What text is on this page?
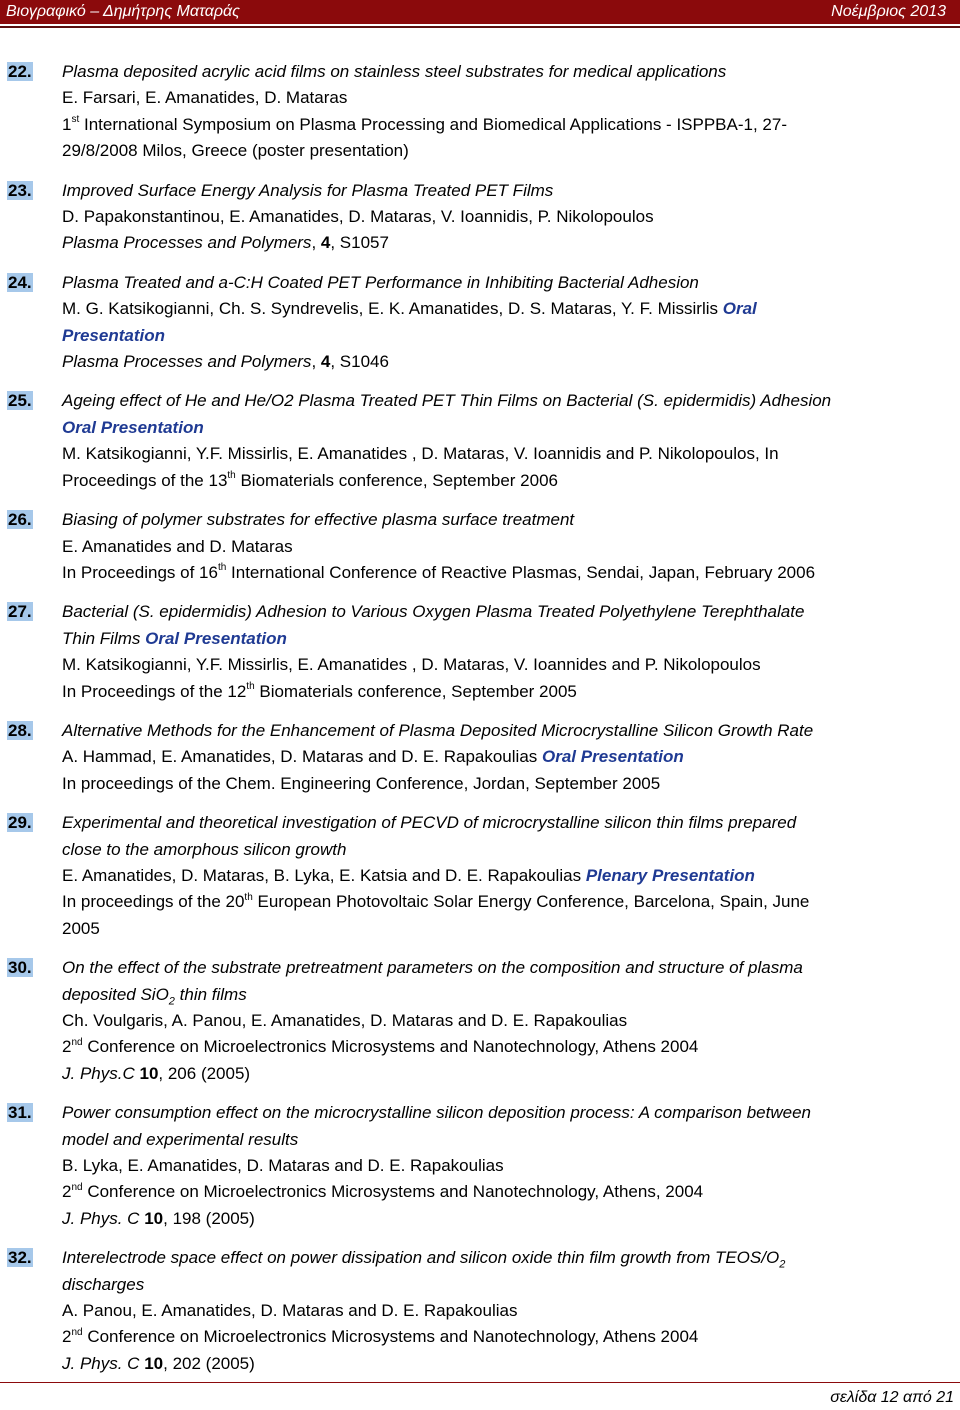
Βιογραφικό – Δημήτρης Ματαράς	Νοέμβριος 2013
22. Plasma deposited acrylic acid films on stainless steel substrates for medical applications
E. Farsari, E. Amanatides, D. Mataras
1st International Symposium on Plasma Processing and Biomedical Applications - ISPPBA-1, 27-
29/8/2008 Milos, Greece (poster presentation)
23. Improved Surface Energy Analysis for Plasma Treated PET Films
D. Papakonstantinou, E. Amanatides, D. Mataras, V. Ioannidis, P. Nikolopoulos
Plasma Processes and Polymers, 4, S1057
24. Plasma Treated and a-C:H Coated PET Performance in Inhibiting Bacterial Adhesion
M. G. Katsikogianni, Ch. S. Syndrevelis, E. K. Amanatides, D. S. Mataras, Y. F. Missirlis Oral
Presentation
Plasma Processes and Polymers, 4, S1046
25. Ageing effect of He and He/O2 Plasma Treated PET Thin Films on Bacterial (S. epidermidis) Adhesion
Oral Presentation
M. Katsikogianni, Y.F. Missirlis, E. Amanatides , D. Mataras, V. Ioannidis and P. Nikolopoulos, In
Proceedings of the 13th Biomaterials conference, September 2006
26. Biasing of polymer substrates for effective plasma surface treatment
E. Amanatides and D. Mataras
In Proceedings of 16th International Conference of Reactive Plasmas, Sendai, Japan, February 2006
27. Bacterial (S. epidermidis) Adhesion to Various Oxygen Plasma Treated Polyethylene Terephthalate
Thin Films Oral Presentation
M. Katsikogianni, Y.F. Missirlis, E. Amanatides , D. Mataras, V. Ioannides and P. Nikolopoulos
In Proceedings of the 12th Biomaterials conference, September 2005
28. Alternative Methods for the Enhancement of Plasma Deposited Microcrystalline Silicon Growth Rate
A. Hammad, E. Amanatides, D. Mataras and D. E. Rapakoulias Oral Presentation
In proceedings of the Chem. Engineering Conference, Jordan, September 2005
29. Experimental and theoretical investigation of PECVD of microcrystalline silicon thin films prepared
close to the amorphous silicon growth
E. Amanatides, D. Mataras, B. Lyka, E. Katsia and D. E. Rapakoulias Plenary Presentation
In proceedings of the 20th European Photovoltaic Solar Energy Conference, Barcelona, Spain, June
2005
30. On the effect of the substrate pretreatment parameters on the composition and structure of plasma
deposited SiO$_2$ thin films
Ch. Voulgaris, A. Panou, E. Amanatides, D. Mataras and D. E. Rapakoulias
2nd Conference on Microelectronics Microsystems and Nanotechnology, Athens 2004
J. Phys.C 10, 206 (2005)
31. Power consumption effect on the microcrystalline silicon deposition process: A comparison between
model and experimental results
B. Lyka, E. Amanatides, D. Mataras and D. E. Rapakoulias
2nd Conference on Microelectronics Microsystems and Nanotechnology, Athens, 2004
J. Phys. C 10, 198 (2005)
32. Interelectrode space effect on power dissipation and silicon oxide thin film growth from TEOS/$O_2$
discharges
A. Panou, E. Amanatides, D. Mataras and D. E. Rapakoulias
2nd Conference on Microelectronics Microsystems and Nanotechnology, Athens 2004
J. Phys. C 10, 202 (2005)
σελίδα 12 από 21
